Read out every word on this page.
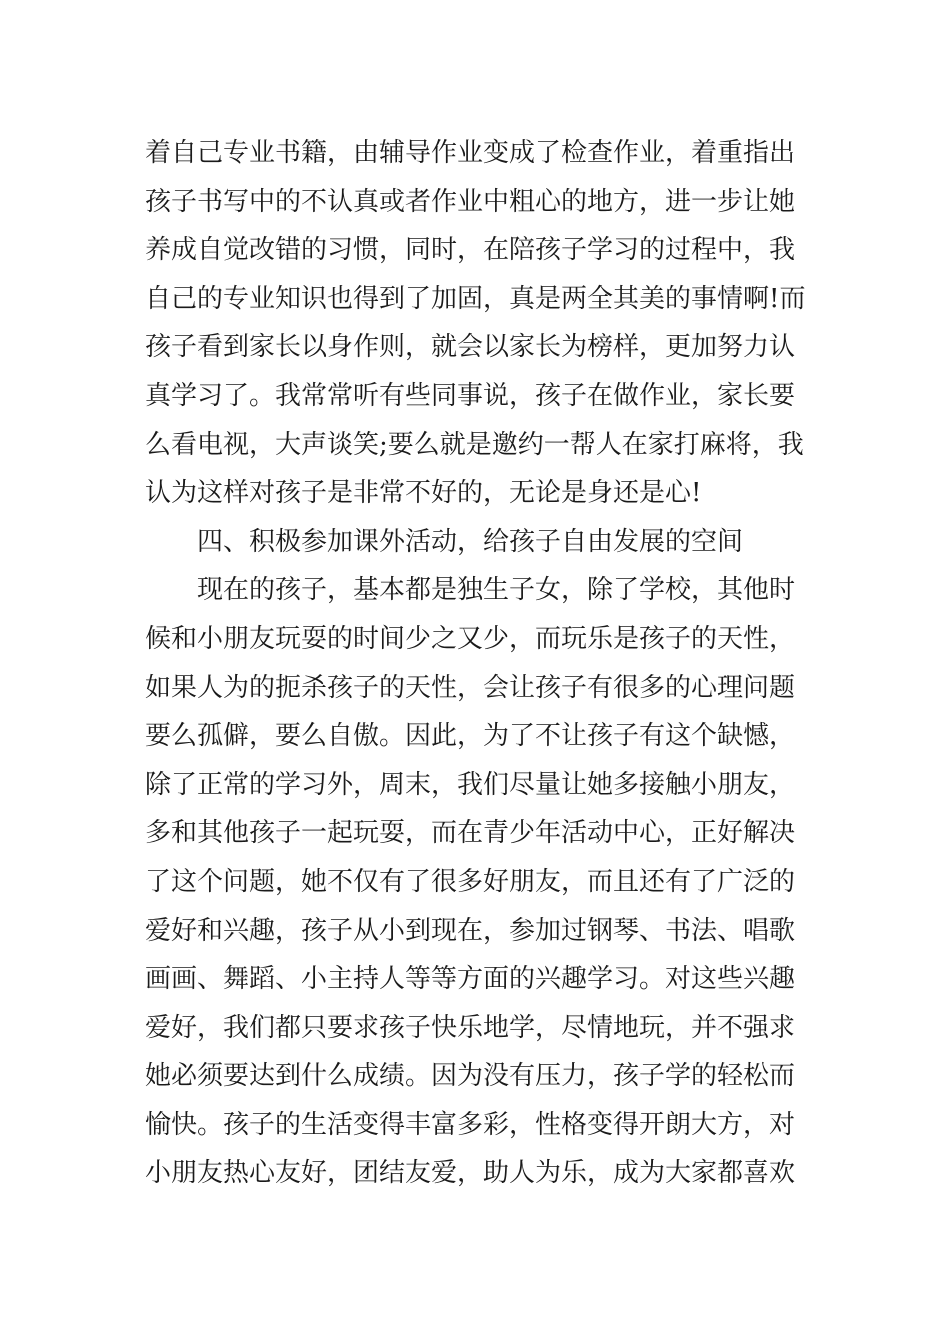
着自己专业书籍，由辅导作业变成了检查作业，着重指出
孩子书写中的不认真或者作业中粗心的地方，进一步让她
养成自觉改错的习惯，同时，在陪孩子学习的过程中，我
自己的专业知识也得到了加固，真是两全其美的事情啊!而
孩子看到家长以身作则，就会以家长为榜样，更加努力认
真学习了。我常常听有些同事说，孩子在做作业，家长要
么看电视，大声谈笑;要么就是邀约一帮人在家打麻将，我
认为这样对孩子是非常不好的，无论是身还是心!
四、积极参加课外活动，给孩子自由发展的空间
现在的孩子，基本都是独生子女，除了学校，其他时
候和小朋友玩耍的时间少之又少，而玩乐是孩子的天性，
如果人为的扼杀孩子的天性，会让孩子有很多的心理问题
要么孤僻，要么自傲。因此，为了不让孩子有这个缺憾，
除了正常的学习外，周末，我们尽量让她多接触小朋友，
多和其他孩子一起玩耍，而在青少年活动中心，正好解决
了这个问题，她不仅有了很多好朋友，而且还有了广泛的
爱好和兴趣，孩子从小到现在，参加过钢琴、书法、唱歌
画画、舞蹈、小主持人等等方面的兴趣学习。对这些兴趣
爱好，我们都只要求孩子快乐地学，尽情地玩，并不强求
她必须要达到什么成绩。因为没有压力，孩子学的轻松而
愉快。孩子的生活变得丰富多彩，性格变得开朗大方，对
小朋友热心友好，团结友爱，助人为乐，成为大家都喜欢
